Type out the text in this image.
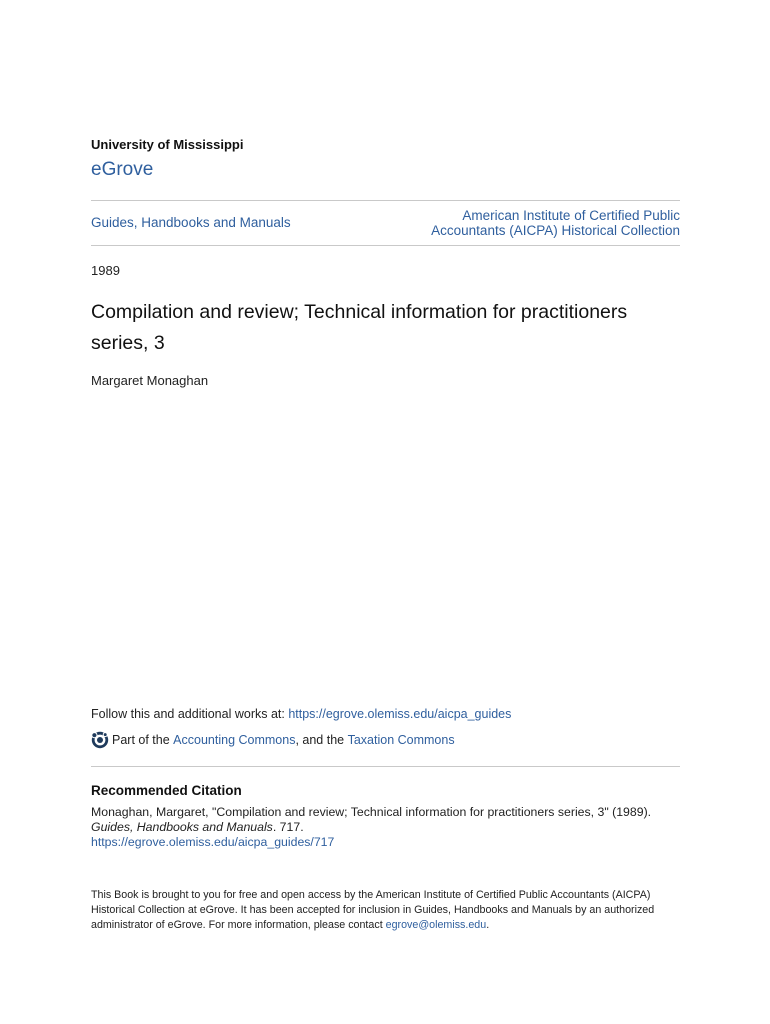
University of Mississippi
eGrove
Guides, Handbooks and Manuals	American Institute of Certified Public
Accountants (AICPA) Historical Collection
1989
Compilation and review; Technical information for practitioners series, 3
Margaret Monaghan
Follow this and additional works at: https://egrove.olemiss.edu/aicpa_guides
Part of the
Accounting Commons , and the
Taxation Commons
Recommended Citation
Monaghan, Margaret, "Compilation and review; Technical information for practitioners series, 3" (1989).
Guides, Handbooks and Manuals. 717.
https://egrove.olemiss.edu/aicpa_guides/717
This Book is brought to you for free and open access by the American Institute of Certified Public Accountants (AICPA) Historical Collection at eGrove. It has been accepted for inclusion in Guides, Handbooks and Manuals by an authorized administrator of eGrove. For more information, please contact egrove@olemiss.edu.
